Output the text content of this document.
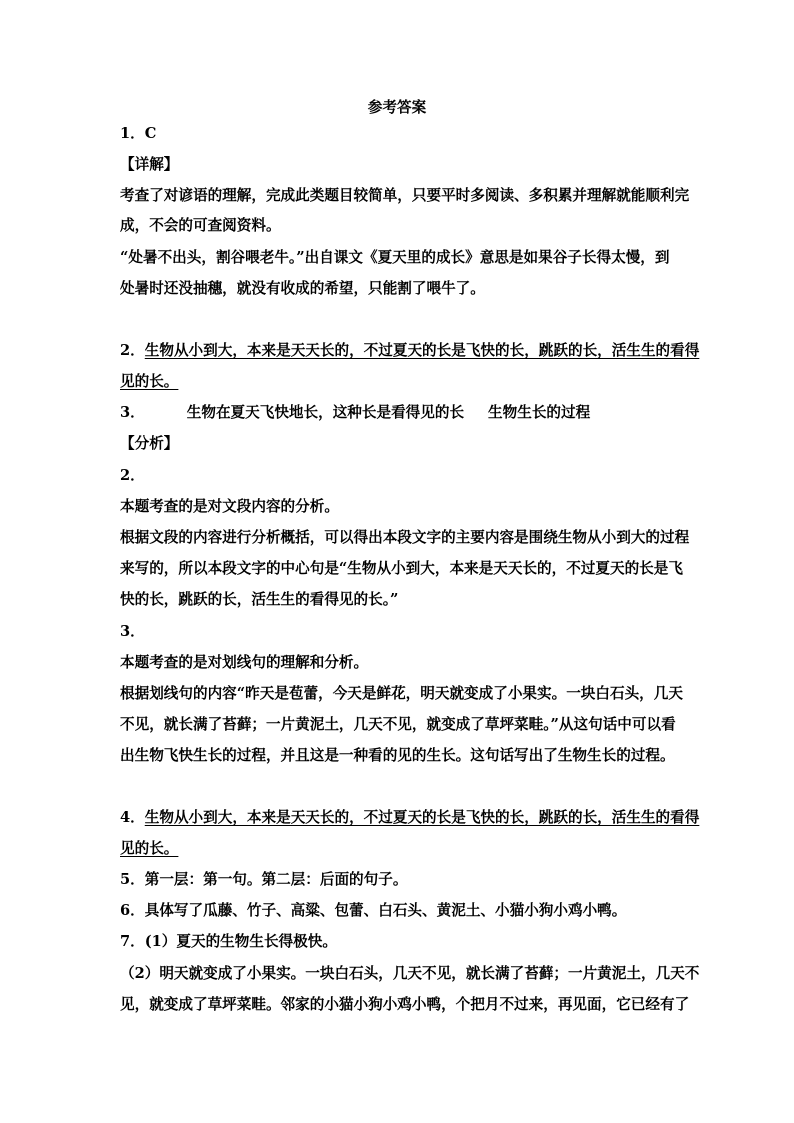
参考答案
1．C
【详解】
考查了对谚语的理解，完成此类题目较简单，只要平时多阅读、多积累并理解就能顺利完
成，不会的可查阅资料。
“处暑不出头，割谷喂老牛。”出自课文《夏天里的成长》意思是如果谷子长得太慢，到
处暑时还没抽穗，就没有收成的希望，只能割了喂牛了。
2．生物从小到大，本来是天天长的，不过夏天的长是飞快的长，跳跃的长，活生生的看得
见的长。
3．	生物在夏天飞快地长，这种长是看得见的长 生物生长的过程
【分析】
2．
本题考查的是对文段内容的分析。
根据文段的内容进行分析概括，可以得出本段文字的主要内容是围绕生物从小到大的过程
来写的，所以本段文字的中心句是“生物从小到大，本来是天天长的，不过夏天的长是飞
快的长，跳跃的长，活生生的看得见的长。”
3．
本题考查的是对划线句的理解和分析。
根据划线句的内容“昨天是苞蕾，今天是鲜花，明天就变成了小果实。一块白石头，几天
不见，就长满了苔藓；一片黄泥土，几天不见，就变成了草坪菜畦。”从这句话中可以看
出生物飞快生长的过程，并且这是一种看的见的生长。这句话写出了生物生长的过程。
4．生物从小到大，本来是天天长的，不过夏天的长是飞快的长，跳跃的长，活生生的看得
见的长。
5．第一层：第一句。第二层：后面的句子。
6．具体写了瓜藤、竹子、高粱、包蕾、白石头、黄泥土、小猫小狗小鸡小鸭。
7．(1）夏天的生物生长得极快。
（2）明天就变成了小果实。一块白石头，几天不见，就长满了苔藓；一片黄泥土，几天不
见，就变成了草坪菜畦。邻家的小猫小狗小鸡小鸭，个把月不过来，再见面，它已经有了
